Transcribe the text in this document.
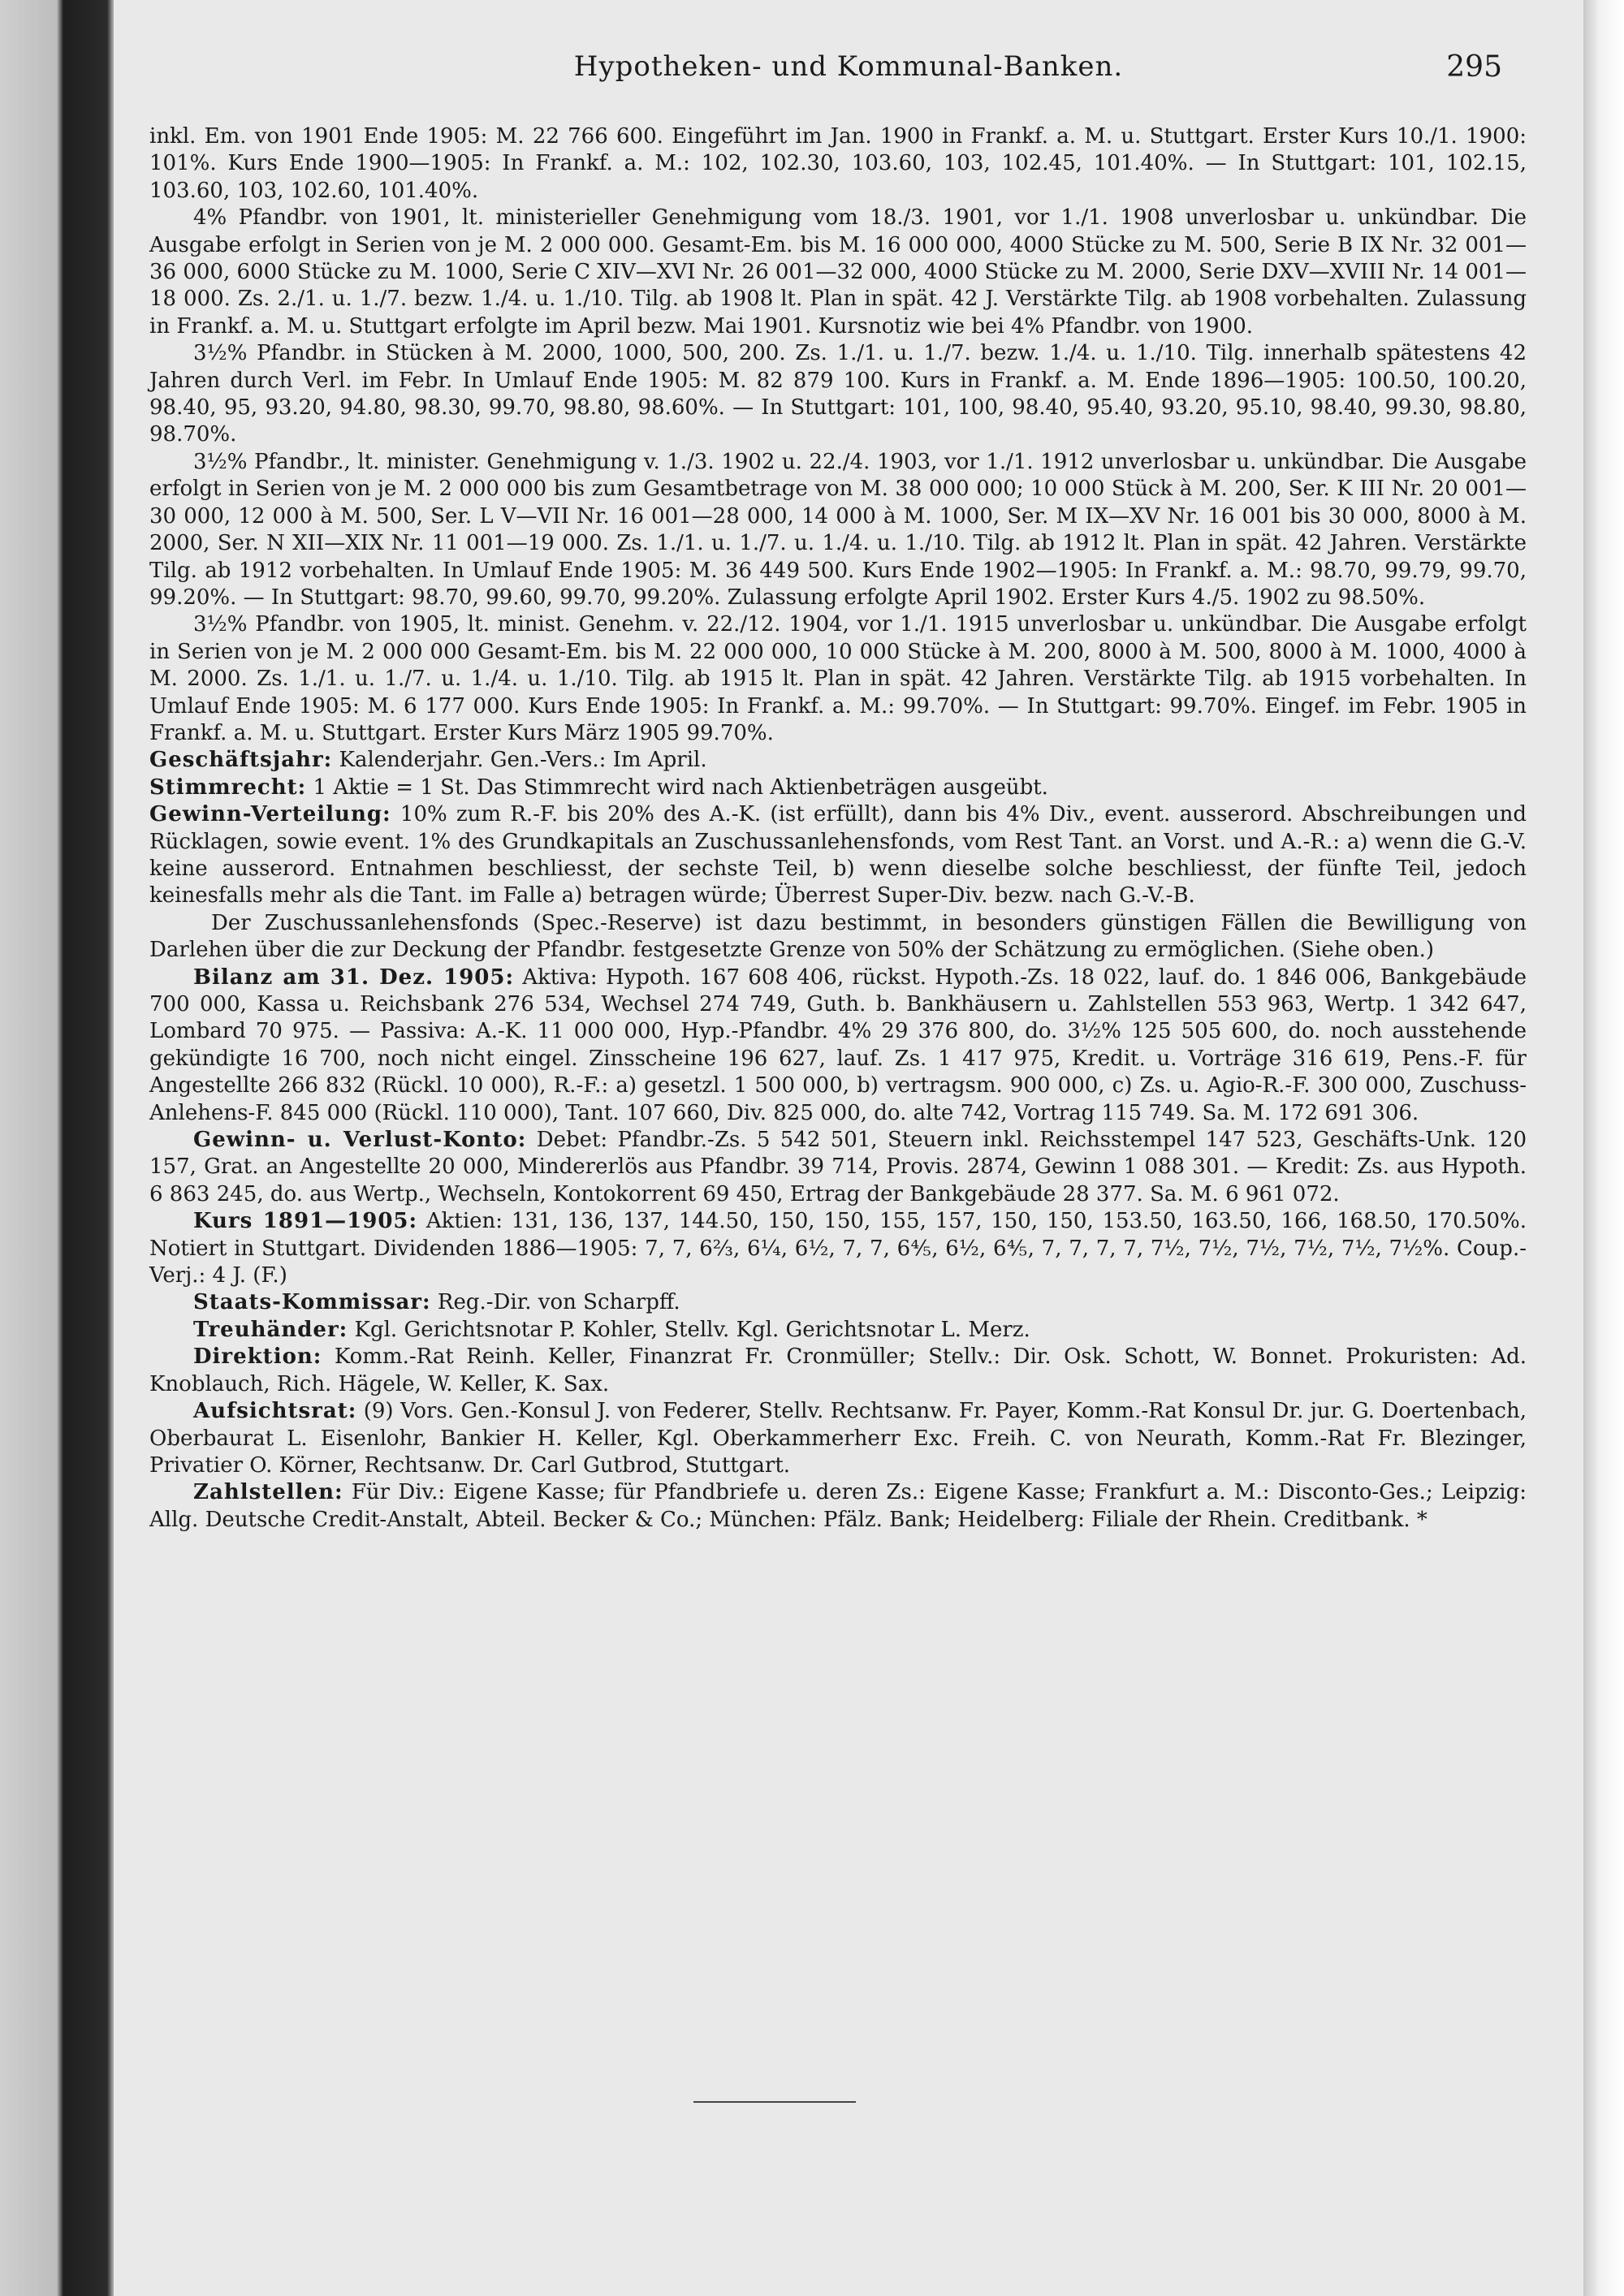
Hypotheken- und Kommunal-Banken.	295

inkl. Em. von 1901 Ende 1905: M. 22 766 600. Eingeführt im Jan. 1900 in Frankf. a. M. u. Stuttgart. Erster Kurs 10./1. 1900: 101%. Kurs Ende 1900—1905: In Frankf. a. M.: 102, 102.30, 103.60, 103, 102.45, 101.40%. — In Stuttgart: 101, 102.15, 103.60, 103, 102.60, 101.40%.

4% Pfandbr. von 1901, lt. ministerieller Genehmigung vom 18./3. 1901, vor 1./1. 1908 unverlosbar u. unkündbar. Die Ausgabe erfolgt in Serien von je M. 2 000 000. Gesamt-Em. bis M. 16 000 000, 4000 Stücke zu M. 500, Serie B IX Nr. 32 001—36 000, 6000 Stücke zu M. 1000, Serie C XIV—XVI Nr. 26 001—32 000, 4000 Stücke zu M. 2000, Serie DXV—XVIII Nr. 14 001—18 000. Zs. 2./1. u. 1./7. bezw. 1./4. u. 1./10. Tilg. ab 1908 lt. Plan in spät. 42 J. Verstärkte Tilg. ab 1908 vorbehalten. Zulassung in Frankf. a. M. u. Stuttgart erfolgte im April bezw. Mai 1901. Kursnotiz wie bei 4% Pfandbr. von 1900.

3½% Pfandbr. in Stücken à M. 2000, 1000, 500, 200. Zs. 1./1. u. 1./7. bezw. 1./4. u. 1./10. Tilg. innerhalb spätestens 42 Jahren durch Verl. im Febr. In Umlauf Ende 1905: M. 82 879 100. Kurs in Frankf. a. M. Ende 1896—1905: 100.50, 100.20, 98.40, 95, 93.20, 94.80, 98.30, 99.70, 98.80, 98.60%. — In Stuttgart: 101, 100, 98.40, 95.40, 93.20, 95.10, 98.40, 99.30, 98.80, 98.70%.

3½% Pfandbr., lt. minister. Genehmigung v. 1./3. 1902 u. 22./4. 1903, vor 1./1. 1912 unverlosbar u. unkündbar. Die Ausgabe erfolgt in Serien von je M. 2 000 000 bis zum Gesamtbetrage von M. 38 000 000; 10 000 Stück à M. 200, Ser. K III Nr. 20 001—30 000, 12 000 à M. 500, Ser. L V—VII Nr. 16 001—28 000, 14 000 à M. 1000, Ser. M IX—XV Nr. 16 001 bis 30 000, 8000 à M. 2000, Ser. N XII—XIX Nr. 11 001—19 000. Zs. 1./1. u. 1./7. u. 1./4. u. 1./10. Tilg. ab 1912 lt. Plan in spät. 42 Jahren. Verstärkte Tilg. ab 1912 vorbehalten. In Umlauf Ende 1905: M. 36 449 500. Kurs Ende 1902—1905: In Frankf. a. M.: 98.70, 99.79, 99.70, 99.20%. — In Stuttgart: 98.70, 99.60, 99.70, 99.20%. Zulassung erfolgte April 1902. Erster Kurs 4./5. 1902 zu 98.50%.

3½% Pfandbr. von 1905, lt. minist. Genehm. v. 22./12. 1904, vor 1./1. 1915 unverlosbar u. unkündbar. Die Ausgabe erfolgt in Serien von je M. 2 000 000 Gesamt-Em. bis M. 22 000 000, 10 000 Stücke à M. 200, 8000 à M. 500, 8000 à M. 1000, 4000 à M. 2000. Zs. 1./1. u. 1./7. u. 1./4. u. 1./10. Tilg. ab 1915 lt. Plan in spät. 42 Jahren. Verstärkte Tilg. ab 1915 vorbehalten. In Umlauf Ende 1905: M. 6 177 000. Kurs Ende 1905: In Frankf. a. M.: 99.70%. — In Stuttgart: 99.70%. Eingef. im Febr. 1905 in Frankf. a. M. u. Stuttgart. Erster Kurs März 1905 99.70%.

Geschäftsjahr: Kalenderjahr. Gen.-Vers.: Im April.

Stimmrecht: 1 Aktie = 1 St. Das Stimmrecht wird nach Aktienbeträgen ausgeübt.

Gewinn-Verteilung: 10% zum R.-F. bis 20% des A.-K. (ist erfüllt), dann bis 4% Div., event. ausserord. Abschreibungen und Rücklagen, sowie event. 1% des Grundkapitals an Zuschussanlehensfonds, vom Rest Tant. an Vorst. und A.-R.: a) wenn die G.-V. keine ausserord. Entnahmen beschliesst, der sechste Teil, b) wenn dieselbe solche beschliesst, der fünfte Teil, jedoch keinesfalls mehr als die Tant. im Falle a) betragen würde; Überrest Super-Div. bezw. nach G.-V.-B.

Der Zuschussanlehensfonds (Spec.-Reserve) ist dazu bestimmt, in besonders günstigen Fällen die Bewilligung von Darlehen über die zur Deckung der Pfandbr. festgesetzte Grenze von 50% der Schätzung zu ermöglichen. (Siehe oben.)

Bilanz am 31. Dez. 1905: Aktiva: Hypoth. 167 608 406, rückst. Hypoth.-Zs. 18 022, lauf. do. 1 846 006, Bankgebäude 700 000, Kassa u. Reichsbank 276 534, Wechsel 274 749, Guth. b. Bankhäusern u. Zahlstellen 553 963, Wertp. 1 342 647, Lombard 70 975. — Passiva: A.-K. 11 000 000, Hyp.-Pfandbr. 4% 29 376 800, do. 3½% 125 505 600, do. noch ausstehende gekündigte 16 700, noch nicht eingel. Zinsscheine 196 627, lauf. Zs. 1 417 975, Kredit. u. Vorträge 316 619, Pens.-F. für Angestellte 266 832 (Rückl. 10 000), R.-F.: a) gesetzl. 1 500 000, b) vertragsm. 900 000, c) Zs. u. Agio-R.-F. 300 000, Zuschuss-Anlehens-F. 845 000 (Rückl. 110 000), Tant. 107 660, Div. 825 000, do. alte 742, Vortrag 115 749. Sa. M. 172 691 306.

Gewinn- u. Verlust-Konto: Debet: Pfandbr.-Zs. 5 542 501, Steuern inkl. Reichsstempel 147 523, Geschäfts-Unk. 120 157, Grat. an Angestellte 20 000, Mindererlös aus Pfandbr. 39 714, Provis. 2874, Gewinn 1 088 301. — Kredit: Zs. aus Hypoth. 6 863 245, do. aus Wertp., Wechseln, Kontokorrent 69 450, Ertrag der Bankgebäude 28 377. Sa. M. 6 961 072.

Kurs 1891—1905: Aktien: 131, 136, 137, 144.50, 150, 150, 155, 157, 150, 150, 153.50, 163.50, 166, 168.50, 170.50%. Notiert in Stuttgart. Dividenden 1886—1905: 7, 7, 6⅔, 6¼, 6½, 7, 7, 6⅘, 6½, 6⅘, 7, 7, 7, 7, 7½, 7½, 7½, 7½, 7½, 7½%. Coup.-Verj.: 4 J. (F.)

Staats-Kommissar: Reg.-Dir. von Scharpff.

Treuhänder: Kgl. Gerichtsnotar P. Kohler, Stellv. Kgl. Gerichtsnotar L. Merz.

Direktion: Komm.-Rat Reinh. Keller, Finanzrat Fr. Cronmüller; Stellv.: Dir. Osk. Schott, W. Bonnet. Prokuristen: Ad. Knoblauch, Rich. Hägele, W. Keller, K. Sax.

Aufsichtsrat: (9) Vors. Gen.-Konsul J. von Federer, Stellv. Rechtsanw. Fr. Payer, Komm.-Rat Konsul Dr. jur. G. Doertenbach, Oberbaurat L. Eisenlohr, Bankier H. Keller, Kgl. Oberkammerherr Exc. Freih. C. von Neurath, Komm.-Rat Fr. Blezinger, Privatier O. Körner, Rechtsanw. Dr. Carl Gutbrod, Stuttgart.

Zahlstellen: Für Div.: Eigene Kasse; für Pfandbriefe u. deren Zs.: Eigene Kasse; Frankfurt a. M.: Disconto-Ges.; Leipzig: Allg. Deutsche Credit-Anstalt, Abteil. Becker & Co.; München: Pfälz. Bank; Heidelberg: Filiale der Rhein. Creditbank. *
